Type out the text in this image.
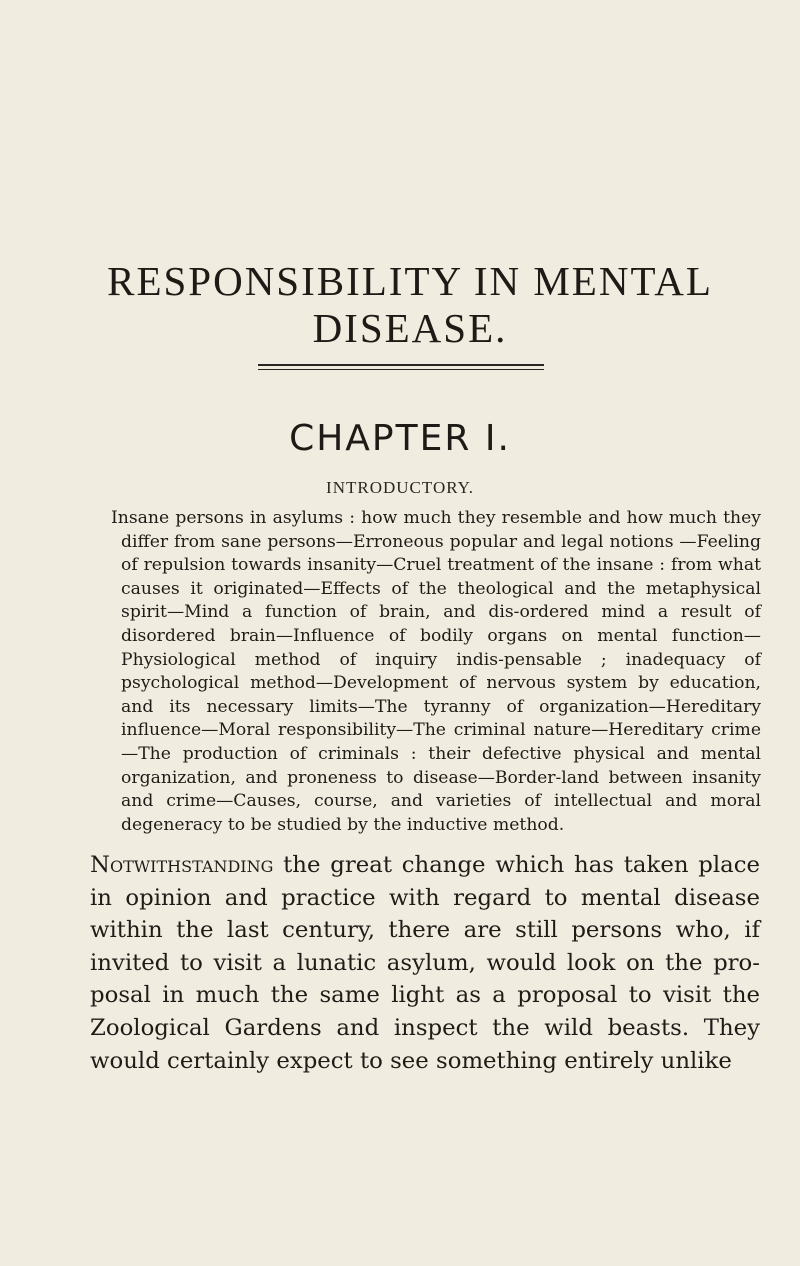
RESPONSIBILITY IN MENTAL
DISEASE.
CHAPTER I.
INTRODUCTORY.

Insane persons in asylums : how much they resemble and how much they differ from sane persons—Erroneous popular and legal notions —Feeling of repulsion towards insanity—Cruel treatment of the insane : from what causes it originated—Effects of the theological and the metaphysical spirit—Mind a function of brain, and dis-ordered mind a result of disordered brain—Influence of bodily organs on mental function—Physiological method of inquiry indis-pensable ; inadequacy of psychological method—Development of nervous system by education, and its necessary limits—The tyranny of organization—Hereditary influence—Moral responsibility—The criminal nature—Hereditary crime—The production of criminals : their defective physical and mental organization, and proneness to disease—Border-land between insanity and crime—Causes, course, and varieties of intellectual and moral degeneracy to be studied by the inductive method.

Notwithstanding the great change which has taken place in opinion and practice with regard to mental disease within the last century, there are still persons who, if invited to visit a lunatic asylum, would look on the pro-posal in much the same light as a proposal to visit the Zoological Gardens and inspect the wild beasts. They would certainly expect to see something entirely unlike
